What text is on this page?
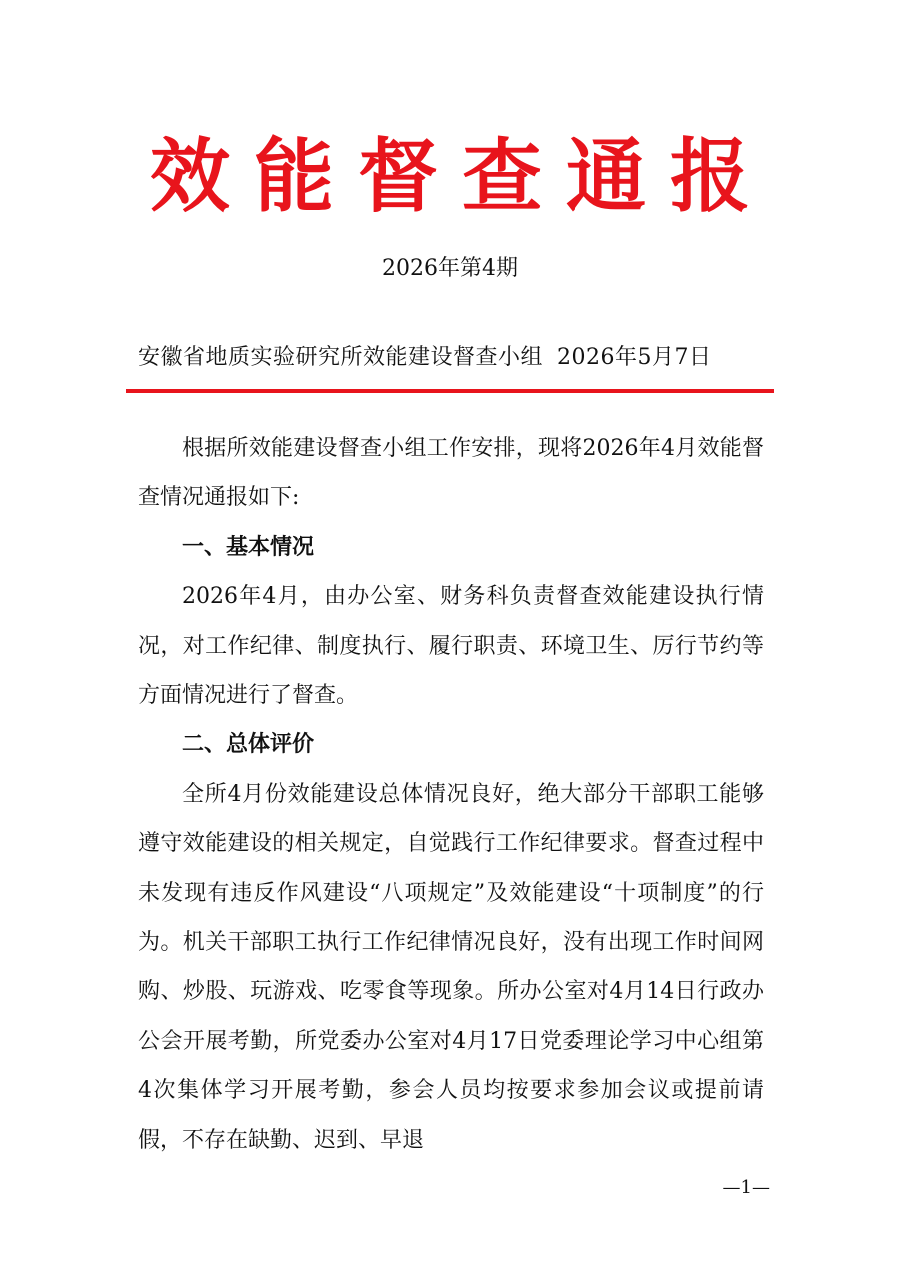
效能督查通报
2026年第4期
安徽省地质实验研究所效能建设督查小组 2026年5月7日

根据所效能建设督查小组工作安排，现将2026年4月效能督查情况通报如下:

一、基本情况

2026年4月，由办公室、财务科负责督查效能建设执行情况，对工作纪律、制度执行、履行职责、环境卫生、厉行节约等方面情况进行了督查。

二、总体评价

全所4月份效能建设总体情况良好，绝大部分干部职工能够遵守效能建设的相关规定，自觉践行工作纪律要求。督查过程中未发现有违反作风建设“八项规定”及效能建设“十项制度”的行为。机关干部职工执行工作纪律情况良好，没有出现工作时间网购、炒股、玩游戏、吃零食等现象。所办公室对4月14日行政办公会开展考勤，所党委办公室对4月17日党委理论学习中心组第4次集体学习开展考勤，参会人员均按要求参加会议或提前请假，不存在缺勤、迟到、早退

—1—
